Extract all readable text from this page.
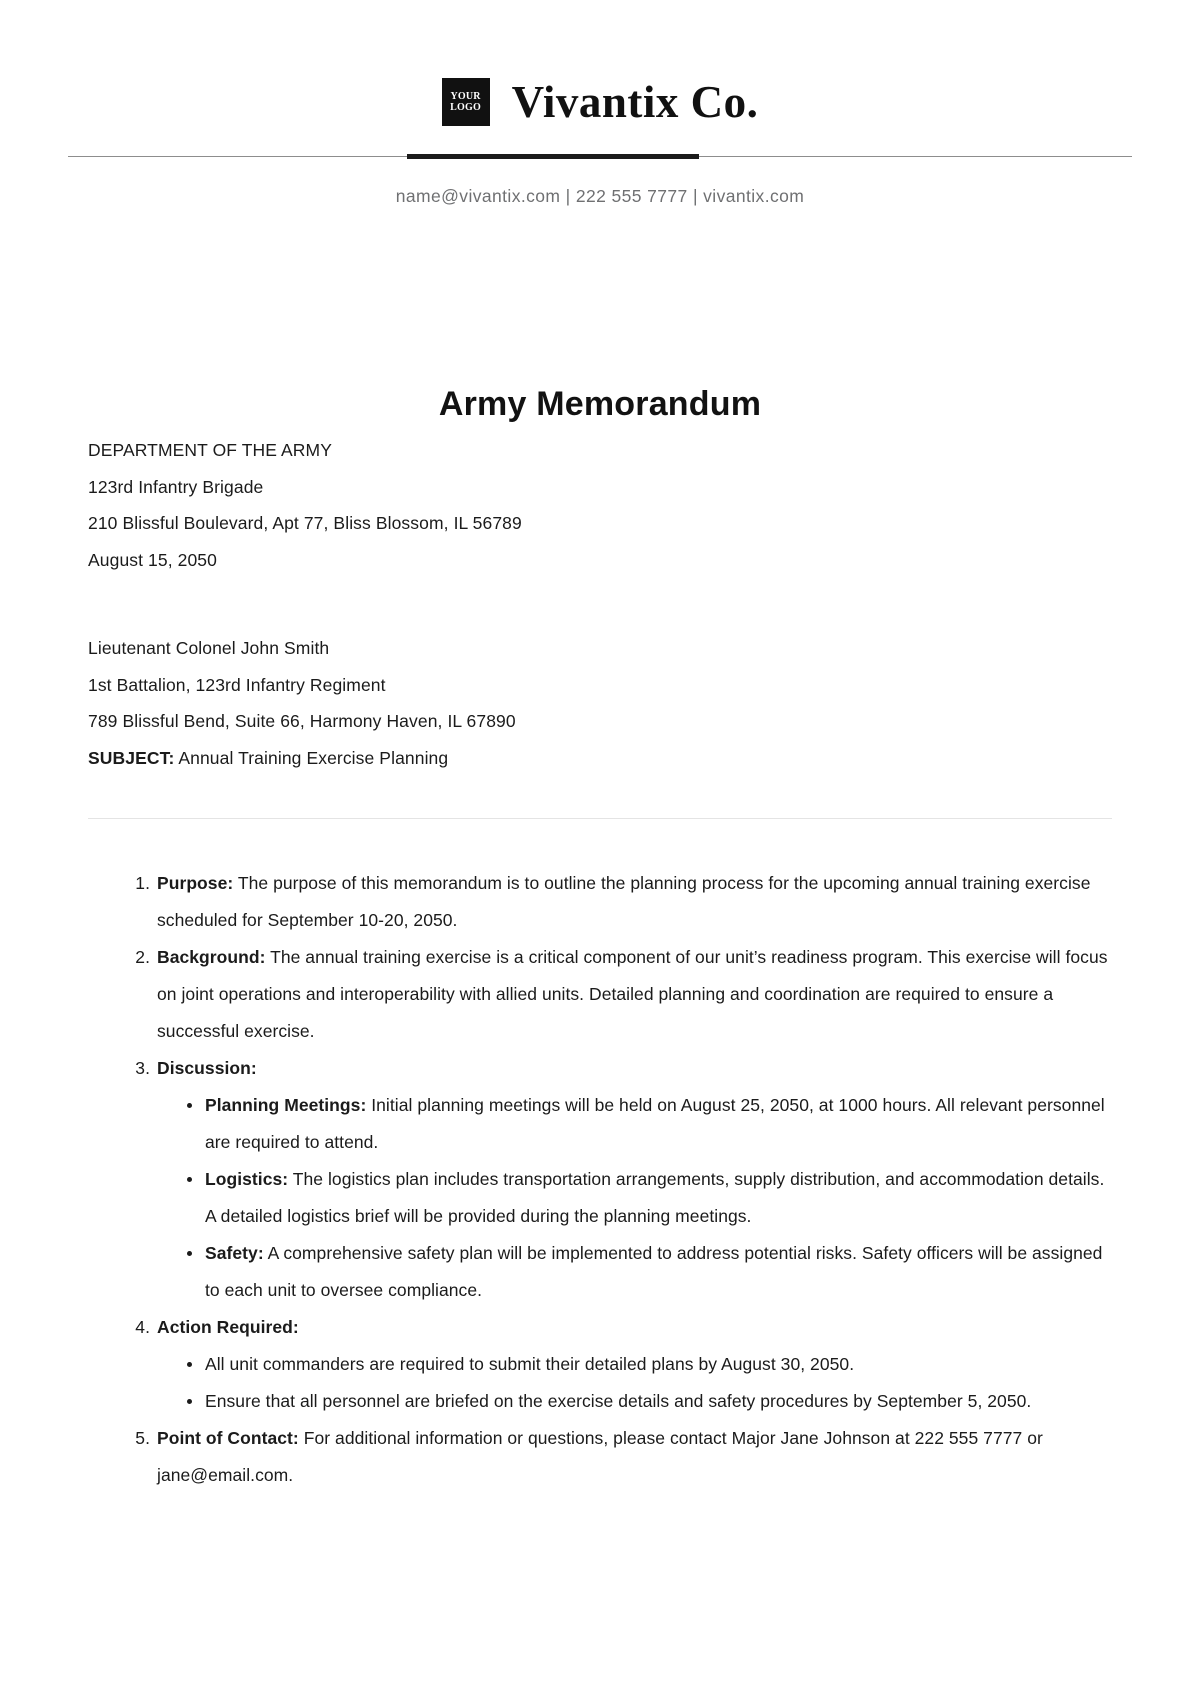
YOUR
LOGO Vivantix Co.
name@vivantix.com | 222 555 7777 | vivantix.com
Army Memorandum
DEPARTMENT OF THE ARMY
123rd Infantry Brigade
210 Blissful Boulevard, Apt 77, Bliss Blossom, IL 56789
August 15, 2050
Lieutenant Colonel John Smith
1st Battalion, 123rd Infantry Regiment
789 Blissful Bend, Suite 66, Harmony Haven, IL 67890
SUBJECT: Annual Training Exercise Planning
Purpose: The purpose of this memorandum is to outline the planning process for the upcoming annual training exercise scheduled for September 10-20, 2050.
Background: The annual training exercise is a critical component of our unit’s readiness program. This exercise will focus on joint operations and interoperability with allied units. Detailed planning and coordination are required to ensure a successful exercise.
Discussion:
Planning Meetings: Initial planning meetings will be held on August 25, 2050, at 1000 hours. All relevant personnel are required to attend.
Logistics: The logistics plan includes transportation arrangements, supply distribution, and accommodation details. A detailed logistics brief will be provided during the planning meetings.
Safety: A comprehensive safety plan will be implemented to address potential risks. Safety officers will be assigned to each unit to oversee compliance.
Action Required:
All unit commanders are required to submit their detailed plans by August 30, 2050.
Ensure that all personnel are briefed on the exercise details and safety procedures by September 5, 2050.
Point of Contact: For additional information or questions, please contact Major Jane Johnson at 222 555 7777 or jane@email.com.
